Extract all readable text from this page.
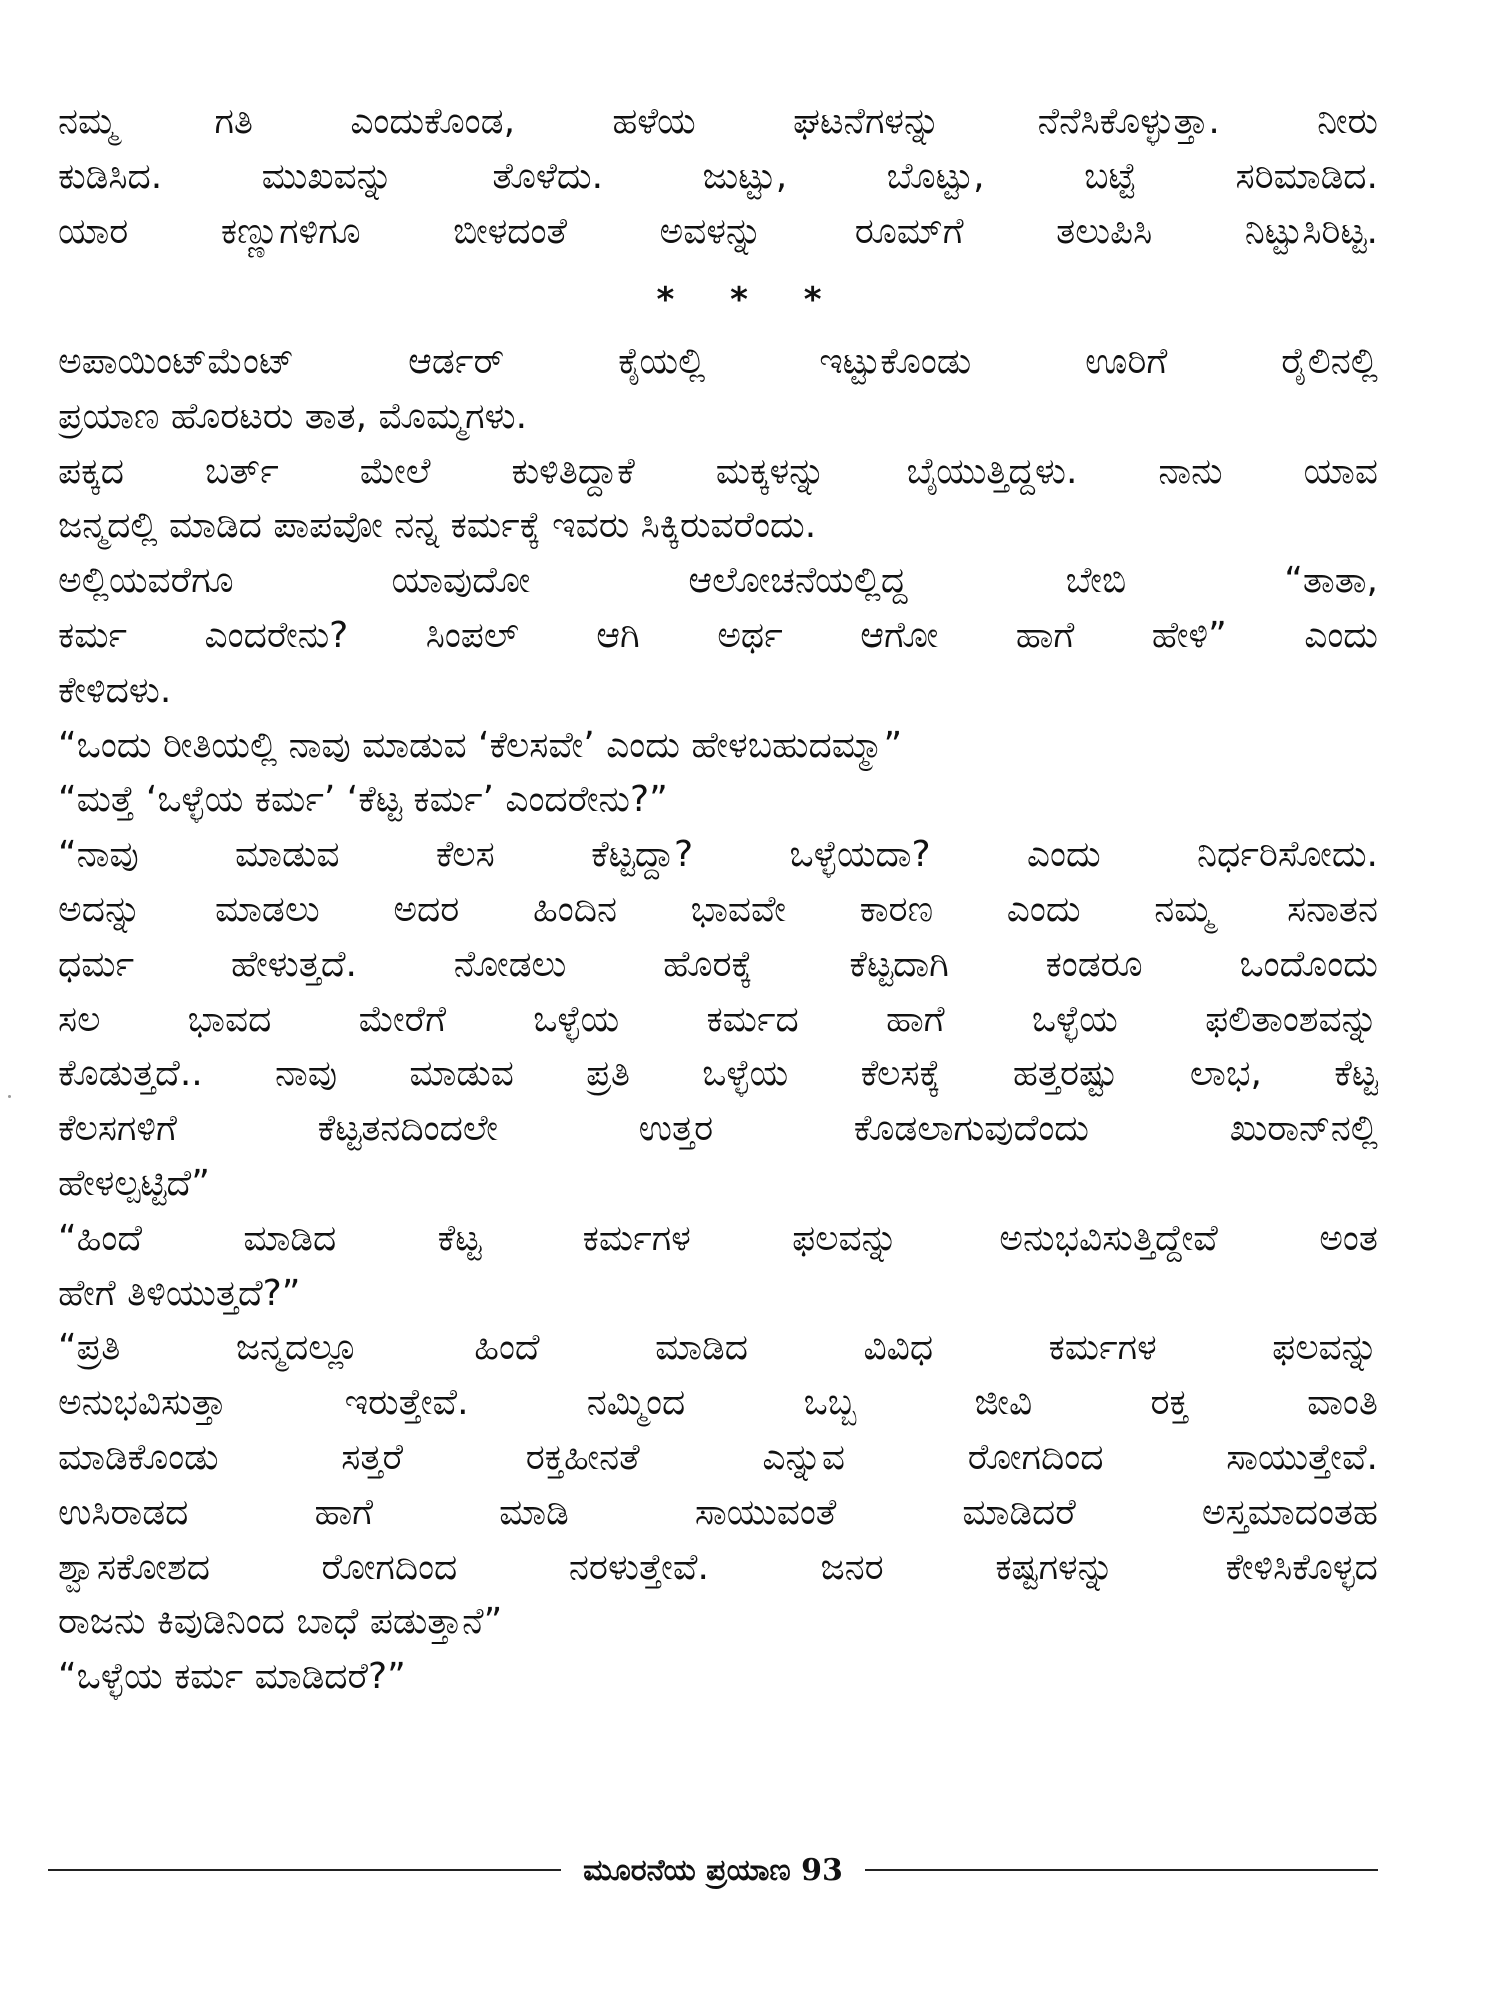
ನಮ್ಮ	ಗತಿ	ಎಂದುಕೊಂಡ,	ಹಳೆಯ	ಘಟನೆಗಳನ್ನು	ನೆನೆಸಿಕೊಳ್ಳುತ್ತಾ.	ನೀರು
ಕುಡಿಸಿದ.	ಮುಖವನ್ನು	ತೊಳೆದು.	ಜುಟ್ಟು,	ಬೊಟ್ಟು,	ಬಟ್ಟೆ	ಸರಿಮಾಡಿದ.
ಯಾರ	ಕಣ್ಣುಗಳಿಗೂ	ಬೀಳದಂತೆ	ಅವಳನ್ನು	ರೂಮ್‌ಗೆ	ತಲುಪಿಸಿ	ನಿಟ್ಟುಸಿರಿಟ್ಟ.
* * *
ಅಪಾಯಿಂಟ್‌ಮೆಂಟ್	ಆರ್ಡರ್	ಕೈಯಲ್ಲಿ	ಇಟ್ಟುಕೊಂಡು	ಊರಿಗೆ	ರೈಲಿನಲ್ಲಿ
ಪ್ರಯಾಣ ಹೊರಟರು ತಾತ, ಮೊಮ್ಮಗಳು.
ಪಕ್ಕದ ಬರ್ತ್ ಮೇಲೆ ಕುಳಿತಿದ್ದಾಕೆ ಮಕ್ಕಳನ್ನು ಬೈಯುತ್ತಿದ್ದಳು. ನಾನು ಯಾವ
ಜನ್ಮದಲ್ಲಿ ಮಾಡಿದ ಪಾಪವೋ ನನ್ನ ಕರ್ಮಕ್ಕೆ ಇವರು ಸಿಕ್ಕಿರುವರೆಂದು.
ಅಲ್ಲಿಯವರೆಗೂ	ಯಾವುದೋ	ಆಲೋಚನೆಯಲ್ಲಿದ್ದ	ಬೇಬಿ	“ತಾತಾ,
ಕರ್ಮ ಎಂದರೇನು? ಸಿಂಪಲ್ ಆಗಿ ಅರ್ಥ ಆಗೋ ಹಾಗೆ ಹೇಳಿ” ಎಂದು
ಕೇಳಿದಳು.
“ಒಂದು ರೀತಿಯಲ್ಲಿ ನಾವು ಮಾಡುವ ‘ಕೆಲಸವೇ’ ಎಂದು ಹೇಳಬಹುದಮ್ಮಾ”
“ಮತ್ತೆ ‘ಒಳ್ಳೆಯ ಕರ್ಮ’ ‘ಕೆಟ್ಟ ಕರ್ಮ’ ಎಂದರೇನು?”
“ನಾವು	ಮಾಡುವ	ಕೆಲಸ	ಕೆಟ್ಟದ್ದಾ?	ಒಳ್ಳೆಯದಾ?	ಎಂದು	ನಿರ್ಧರಿಸೋದು.
ಅದನ್ನು ಮಾಡಲು ಅದರ ಹಿಂದಿನ ಭಾವವೇ ಕಾರಣ ಎಂದು ನಮ್ಮ ಸನಾತನ
ಧರ್ಮ	ಹೇಳುತ್ತದೆ.	ನೋಡಲು	ಹೊರಕ್ಕೆ	ಕೆಟ್ಟದಾಗಿ	ಕಂಡರೂ	ಒಂದೊಂದು
ಸಲ ಭಾವದ ಮೇರೆಗೆ ಒಳ್ಳೆಯ ಕರ್ಮದ ಹಾಗೆ ಒಳ್ಳೆಯ ಫಲಿತಾಂಶವನ್ನು
ಕೊಡುತ್ತದೆ.. ನಾವು ಮಾಡುವ ಪ್ರತಿ ಒಳ್ಳೆಯ ಕೆಲಸಕ್ಕೆ ಹತ್ತರಷ್ಟು ಲಾಭ, ಕೆಟ್ಟ
ಕೆಲಸಗಳಿಗೆ	ಕೆಟ್ಟತನದಿಂದಲೇ	ಉತ್ತರ	ಕೊಡಲಾಗುವುದೆಂದು	ಖುರಾನ್‌ನಲ್ಲಿ
ಹೇಳಲ್ಪಟ್ಟಿದೆ”
“ಹಿಂದೆ	ಮಾಡಿದ	ಕೆಟ್ಟ	ಕರ್ಮಗಳ	ಫಲವನ್ನು	ಅನುಭವಿಸುತ್ತಿದ್ದೇವೆ	ಅಂತ
ಹೇಗೆ ತಿಳಿಯುತ್ತದೆ?”
“ಪ್ರತಿ	ಜನ್ಮದಲ್ಲೂ	ಹಿಂದೆ	ಮಾಡಿದ	ವಿವಿಧ	ಕರ್ಮಗಳ	ಫಲವನ್ನು
ಅನುಭವಿಸುತ್ತಾ	ಇರುತ್ತೇವೆ.	ನಮ್ಮಿಂದ	ಒಬ್ಬ	ಜೀವಿ	ರಕ್ತ	ವಾಂತಿ
ಮಾಡಿಕೊಂಡು	ಸತ್ತರೆ	ರಕ್ತಹೀನತೆ	ಎನ್ನುವ	ರೋಗದಿಂದ	ಸಾಯುತ್ತೇವೆ.
ಉಸಿರಾಡದ	ಹಾಗೆ	ಮಾಡಿ	ಸಾಯುವಂತೆ	ಮಾಡಿದರೆ	ಅಸ್ತಮಾದಂತಹ
ಶ್ವಾಸಕೋಶದ	ರೋಗದಿಂದ	ನರಳುತ್ತೇವೆ.	ಜನರ	ಕಷ್ಟಗಳನ್ನು	ಕೇಳಿಸಿಕೊಳ್ಳದ
ರಾಜನು ಕಿವುಡಿನಿಂದ ಬಾಧೆ ಪಡುತ್ತಾನೆ”
“ಒಳ್ಳೆಯ ಕರ್ಮ ಮಾಡಿದರೆ?”
ಮೂರನೆಯ ಪ್ರಯಾಣ 93
